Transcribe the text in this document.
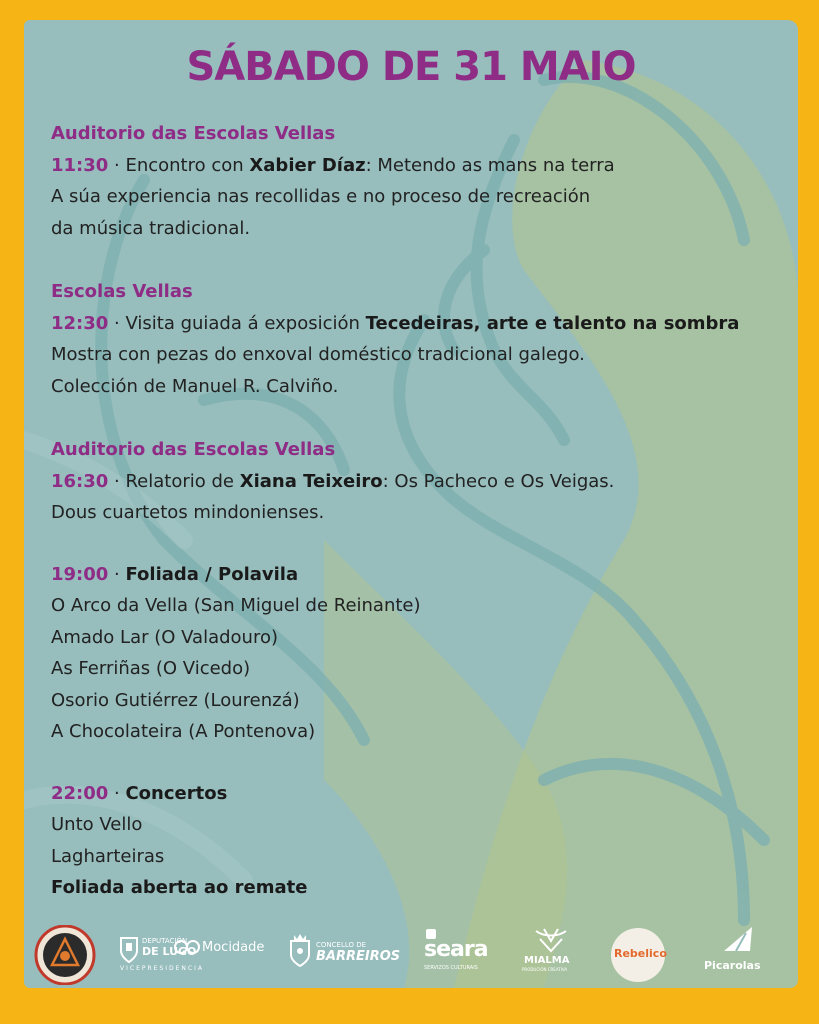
SÁBADO DE 31 MAIO
Auditorio das Escolas Vellas
11:30 · Encontro con Xabier Díaz: Metendo as mans na terra
A súa experiencia nas recollidas e no proceso de recreación
da música tradicional.
Escolas Vellas
12:30 · Visita guiada á exposición Tecedeiras, arte e talento na sombra
Mostra con pezas do enxoval doméstico tradicional galego.
Colección de Manuel R. Calviño.
Auditorio das Escolas Vellas
16:30 · Relatorio de Xiana Teixeiro: Os Pacheco e Os Veigas.
Dous cuartetos mindonienses.
19:00 · Foliada / Polavila
O Arco da Vella (San Miguel de Reinante)
Amado Lar (O Valadouro)
As Ferriñas (O Vicedo)
Osorio Gutiérrez (Lourenzá)
A Chocolateira (A Pontenova)
22:00 · Concertos
Unto Vello
Lagharteiras
Foliada aberta ao remate
DEPUTACIÓN
DE LUGO Mocidade
VICEPRESIDENCIA
CONCELLO DE
BARREIROS seara
SERVIZOS CULTURAIS
MIALMA
PRODUCIÓN CREATIVA
Rebelico
Picarolas
